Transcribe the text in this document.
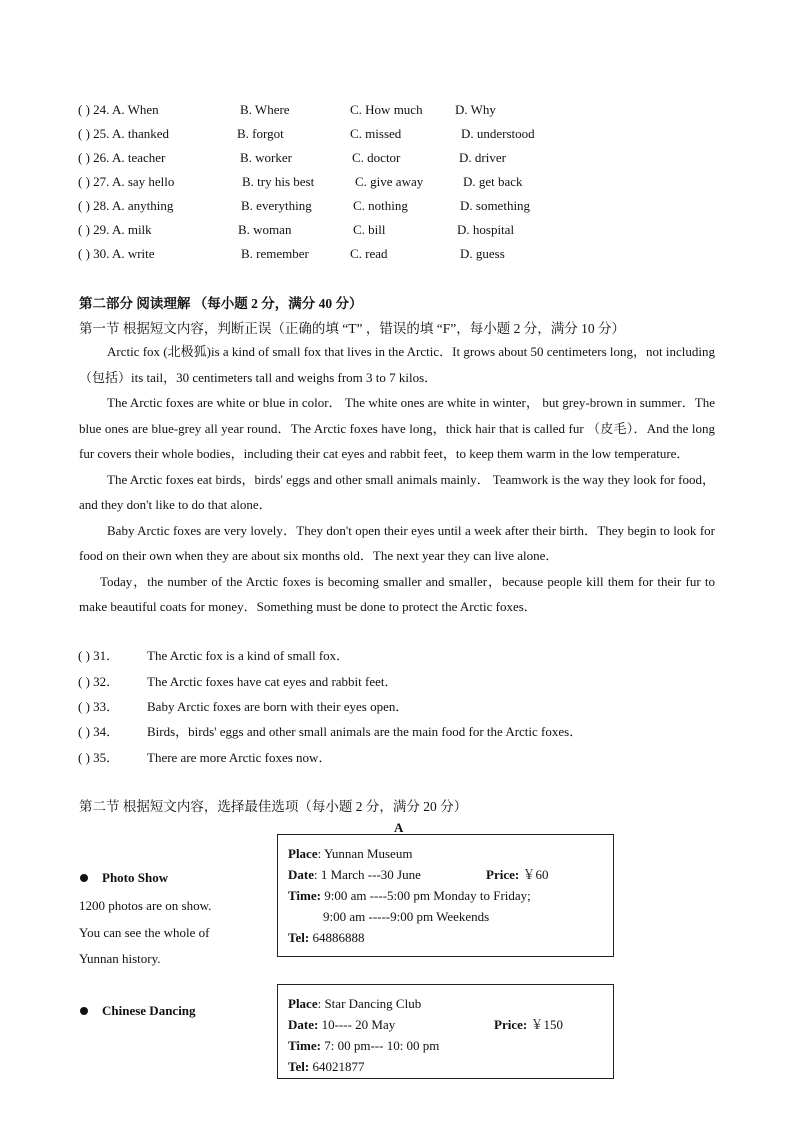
( ) 24. A. When	B. Where	C. How much D. Why
( ) 25. A. thanked	B. forgot	C. missed	D. understood
( ) 26. A. teacher	B. worker	C. doctor	D. driver
( ) 27. A. say hello	B. try his best	C. give away	D. get back
( ) 28. A. anything	B. everything	C. nothing	D. something
( ) 29. A. milk	B. woman	C. bill	D. hospital
( ) 30. A. write	B. remember	C. read	D. guess
第二部分 阅读理解 （每小题 2 分，满分 40 分）
第一节 根据短文内容，判断正误（正确的填 “T” ，错误的填 “F”，每小题 2 分，满分 10 分）

Arctic fox (北极狐)is a kind of small fox that lives in the Arctic．It grows about 50 centimeters long，not including（包括）its tail，30 centimeters tall and weighs from 3 to 7 kilos．

The Arctic foxes are white or blue in color． The white ones are white in winter， but grey-brown in summer．The blue ones are blue-grey all year round．The Arctic foxes have long，thick hair that is called fur （皮毛）．And the long fur covers their whole bodies，including their cat eyes and rabbit feet，to keep them warm in the low temperature．

The Arctic foxes eat birds，birds' eggs and other small animals mainly． Teamwork is the way they look for food，and they don't like to do that alone．

Baby Arctic foxes are very lovely．They don't open their eyes until a week after their birth．They begin to look for food on their own when they are about six months old．The next year they can live alone．

Today，the number of the Arctic foxes is becoming smaller and smaller，because people kill them for their fur to make beautiful coats for money．Something must be done to protect the Arctic foxes．

( ) 31． The Arctic fox is a kind of small fox．
( ) 32． The Arctic foxes have cat eyes and rabbit feet．
( ) 33． Baby Arctic foxes are born with their eyes open．
( ) 34． Birds，birds' eggs and other small animals are the main food for the Arctic foxes．
( ) 35． There are more Arctic foxes now．
第二节 根据短文内容，选择最佳选项（每小题 2 分，满分 20 分）
A
Photo Show
1200 photos are on show.
You can see the whole of
Yunnan history.
Place: Yunnan Museum
Date: 1 March ---30 June	Price: ￥60
Time: 9:00 am ----5:00 pm Monday to Friday;
9:00 am -----9:00 pm Weekends
Tel: 64886888
Chinese Dancing	Place: Star Dancing Club
Date: 10---- 20 May	Price: ￥150
Time: 7: 00 pm--- 10: 00 pm
Tel: 64021877
